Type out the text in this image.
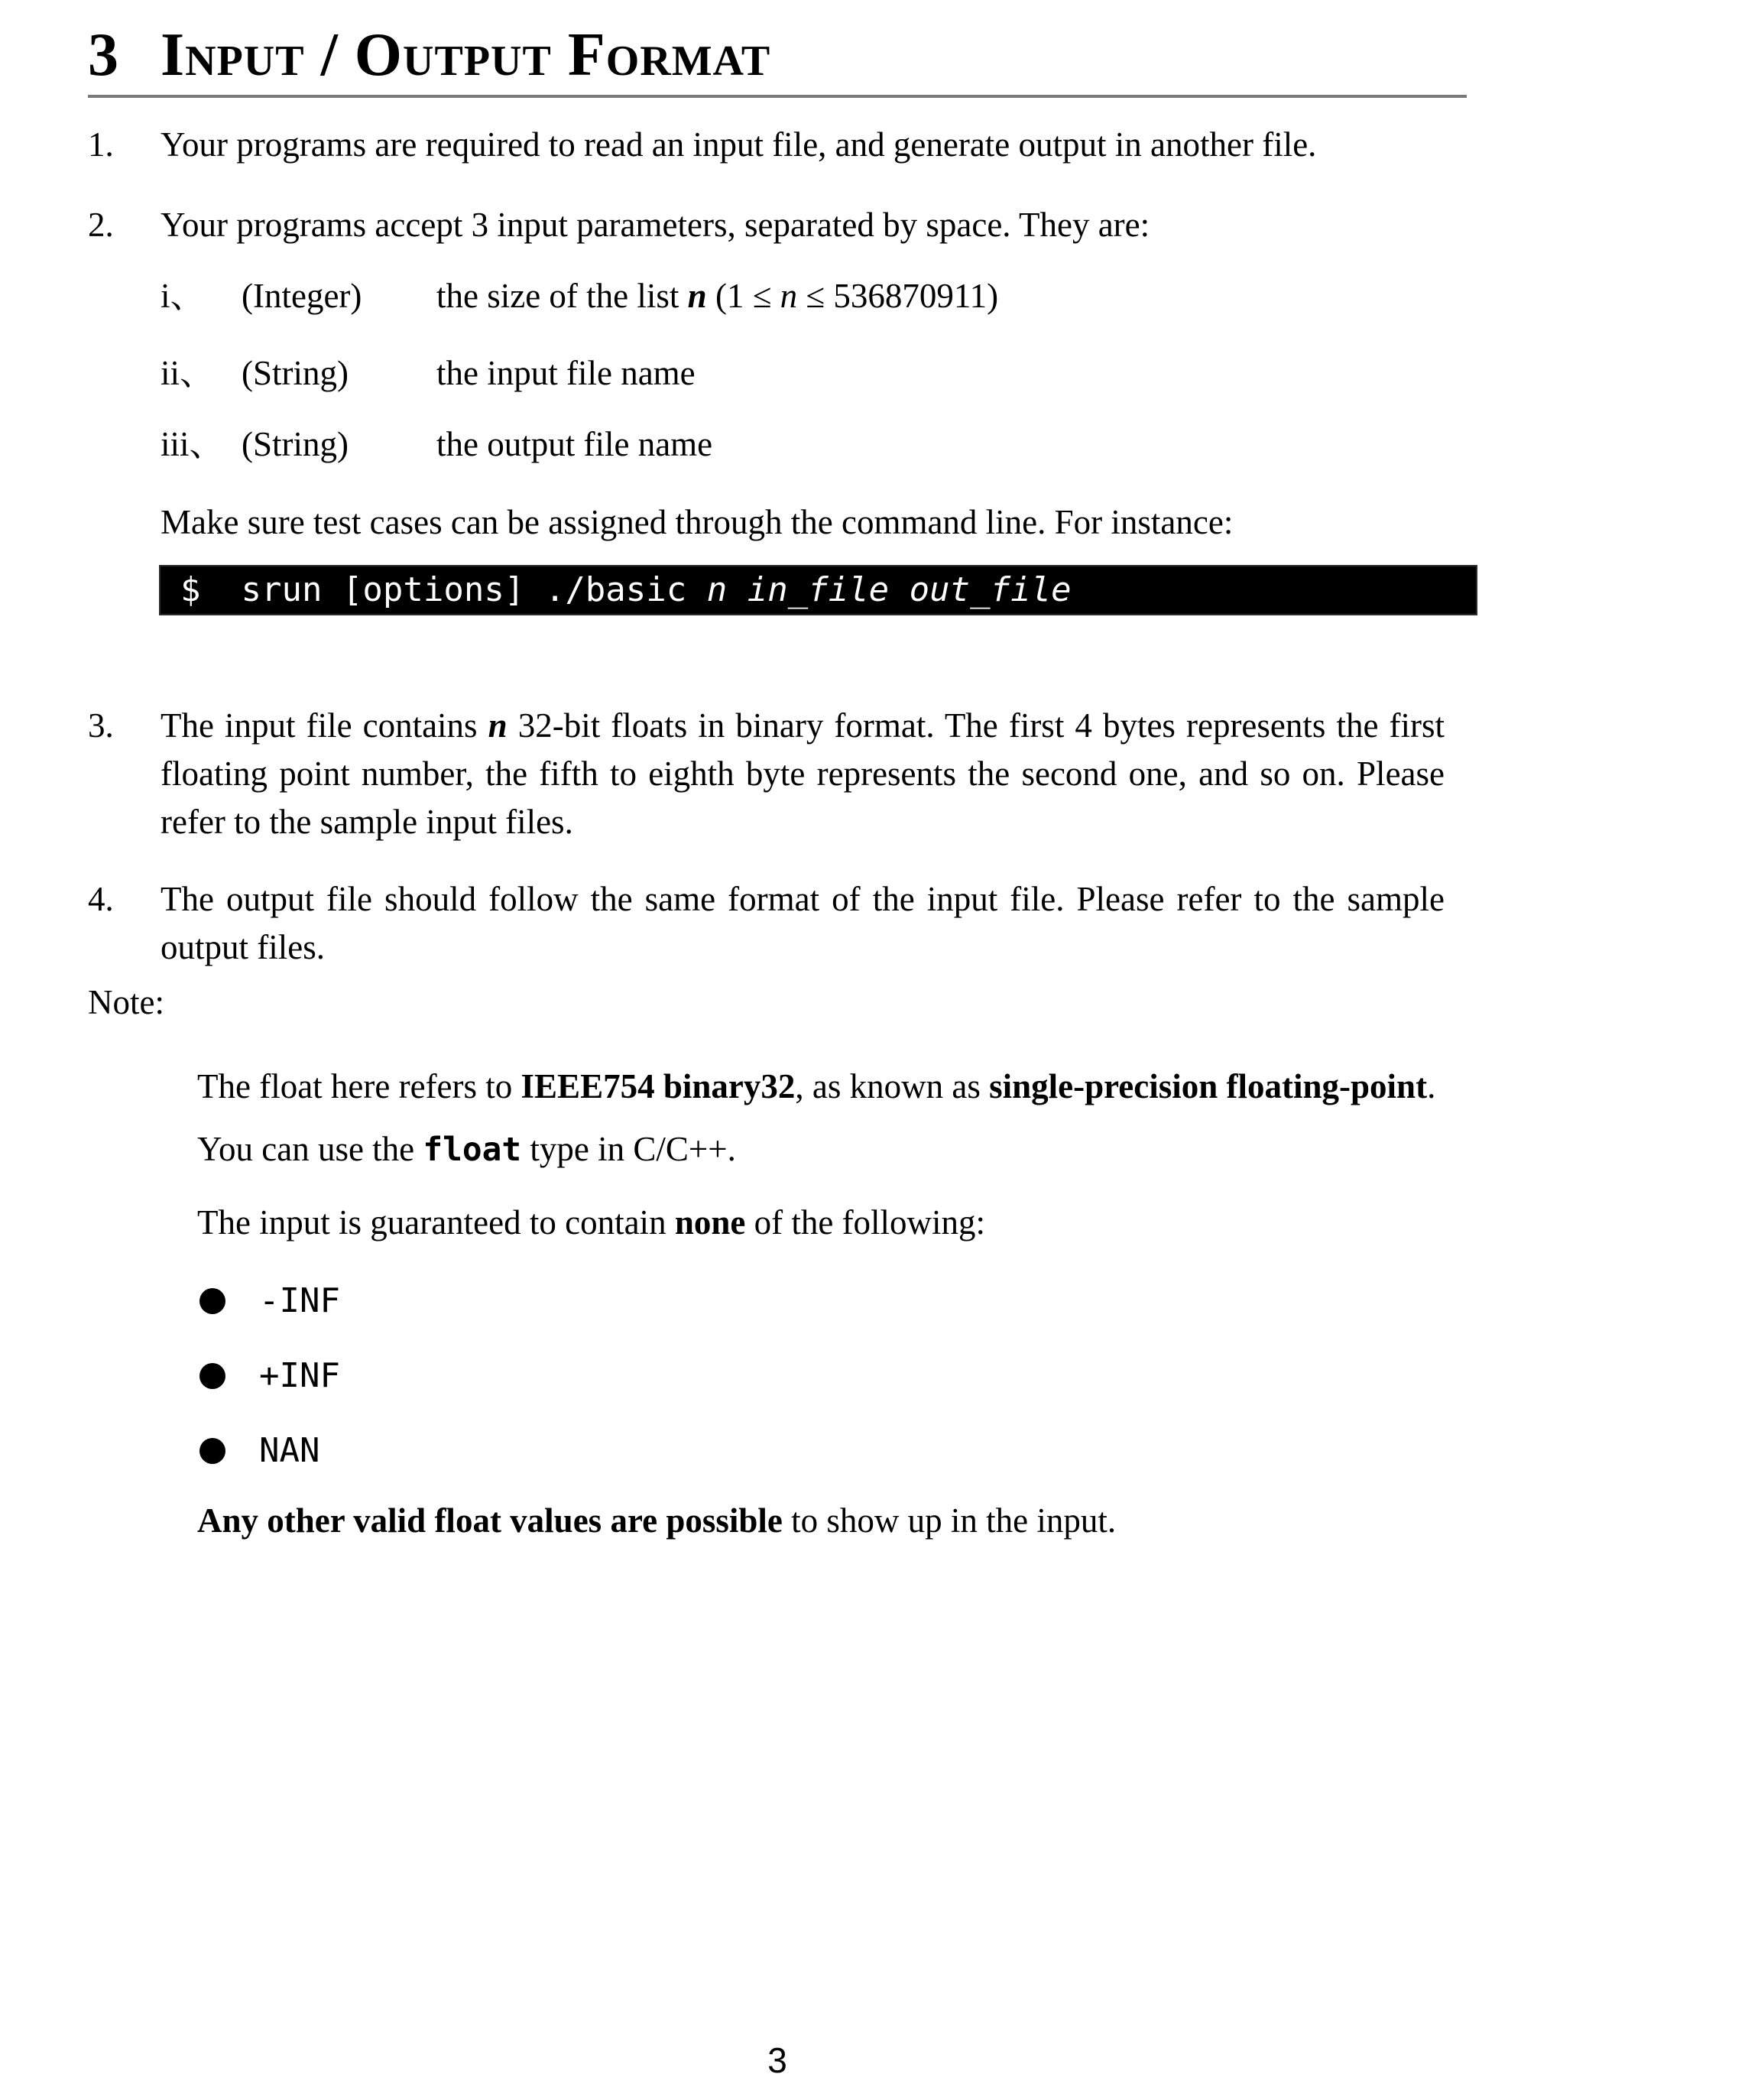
3 Input / Output Format
1.	Your programs are required to read an input file, and generate output in another file.
2.	Your programs accept 3 input parameters, separated by space. They are:
i、	(Integer)	the size of the list n (1 ≤ n ≤ 536870911)
ii、 (String)	the input file name
iii、 (String)	the output file name
Make sure test cases can be assigned through the command line. For instance:
$  srun [options] ./basic n in_file out_file
3.	The input file contains n 32-bit floats in binary format. The first 4 bytes represents the first floating point number, the fifth to eighth byte represents the second one, and so on. Please refer to the sample input files.
4.	The output file should follow the same format of the input file. Please refer to the sample output files.
Note:
The float here refers to IEEE754 binary32, as known as single-precision floating-point.
You can use the float type in C/C++.
The input is guaranteed to contain none of the following:
-INF
+INF
NAN
Any other valid float values are possible to show up in the input.
3
